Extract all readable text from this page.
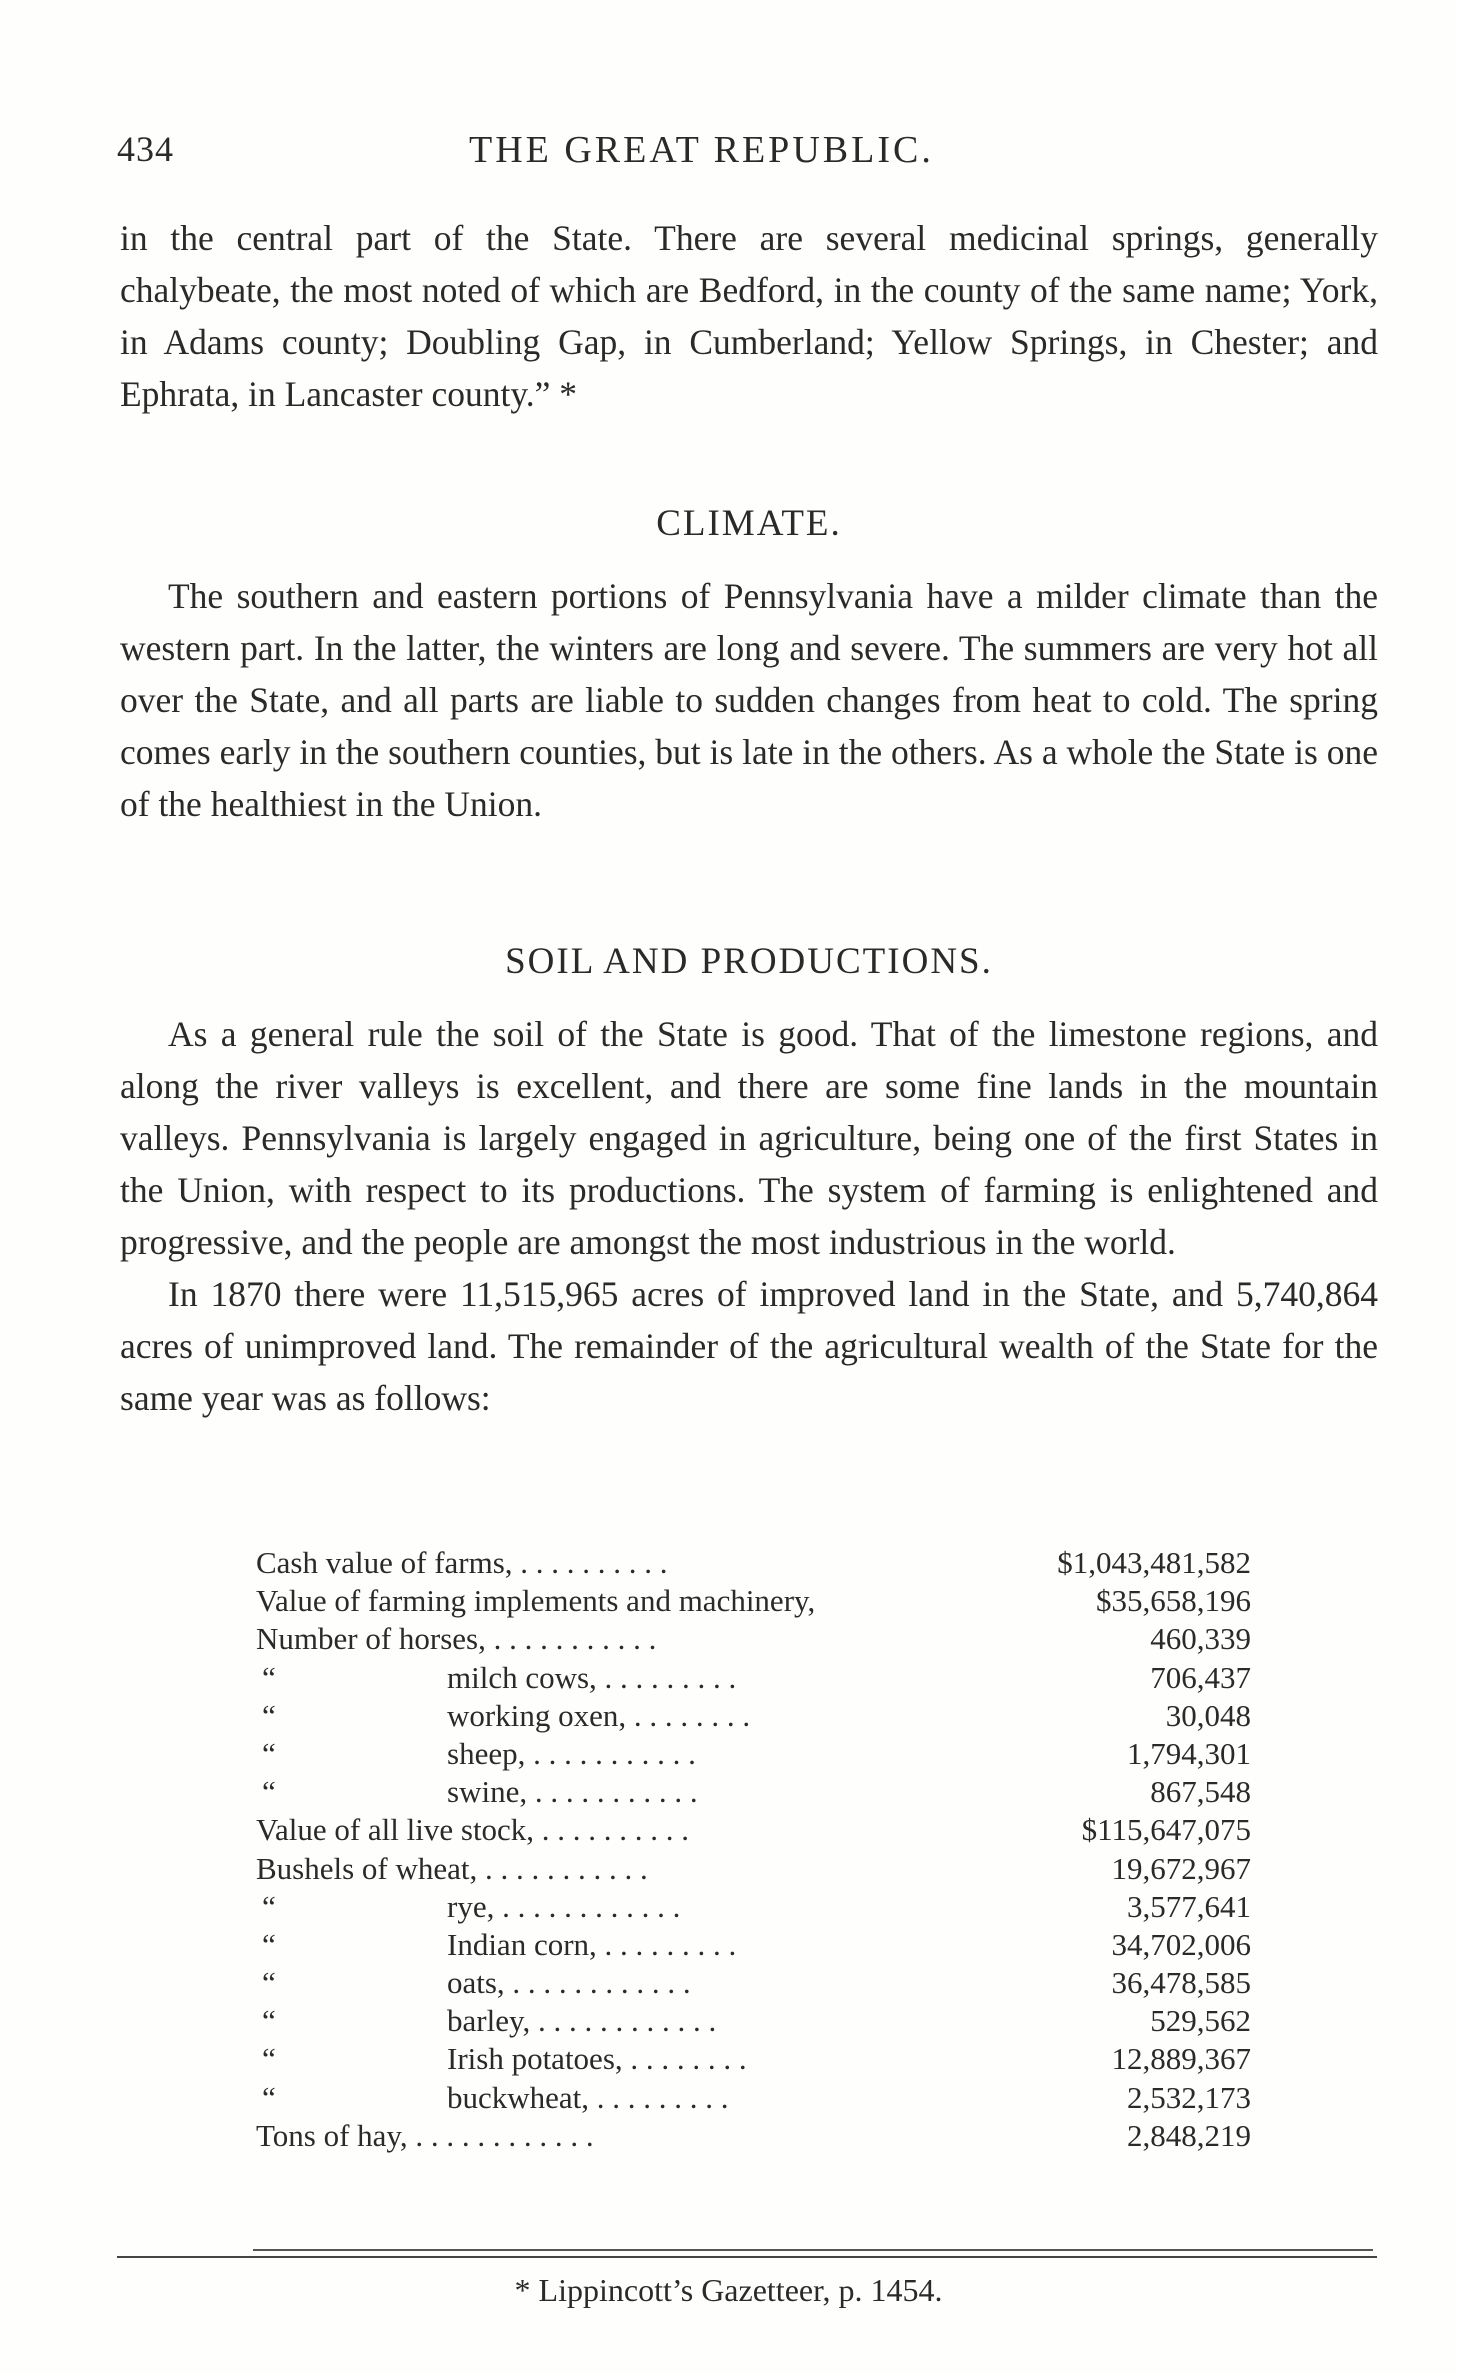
434	THE GREAT REPUBLIC.

in the central part of the State. There are several medicinal springs, generally chalybeate, the most noted of which are Bedford, in the county of the same name; York, in Adams county; Doubling Gap, in Cumberland; Yellow Springs, in Chester; and Ephrata, in Lancaster county.” *

CLIMATE.

The southern and eastern portions of Pennsylvania have a milder climate than the western part. In the latter, the winters are long and severe. The summers are very hot all over the State, and all parts are liable to sudden changes from heat to cold. The spring comes early in the southern counties, but is late in the others. As a whole the State is one of the healthiest in the Union.

SOIL AND PRODUCTIONS.

As a general rule the soil of the State is good. That of the limestone regions, and along the river valleys is excellent, and there are some fine lands in the mountain valleys. Pennsylvania is largely engaged in agriculture, being one of the first States in the Union, with respect to its productions. The system of farming is enlightened and progressive, and the people are amongst the most industrious in the world.

In 1870 there were 11,515,965 acres of improved land in the State, and 5,740,864 acres of unimproved land. The remainder of the agricultural wealth of the State for the same year was as follows:

Cash value of farms, . . . . . . . . . .	$1,043,481,582
Value of farming implements and machinery,	$35,658,196
Number of horses, . . . . . . . . . . .	460,339
“	milch cows, . . . . . . . . .	706,437
“	working oxen, . . . . . . . .	30,048
“	sheep, . . . . . . . . . . .	1,794,301
“	swine, . . . . . . . . . . .	867,548
Value of all live stock, . . . . . . . . . .	$115,647,075
Bushels of wheat, . . . . . . . . . . .	19,672,967
“	rye, . . . . . . . . . . . .	3,577,641
“	Indian corn, . . . . . . . . .	34,702,006
“	oats, . . . . . . . . . . . .	36,478,585
“	barley, . . . . . . . . . . . .	529,562
“	Irish potatoes, . . . . . . . .	12,889,367
“	buckwheat, . . . . . . . . .	2,532,173
Tons of hay, . . . . . . . . . . . .	2,848,219
* Lippincott’s Gazetteer, p. 1454.
